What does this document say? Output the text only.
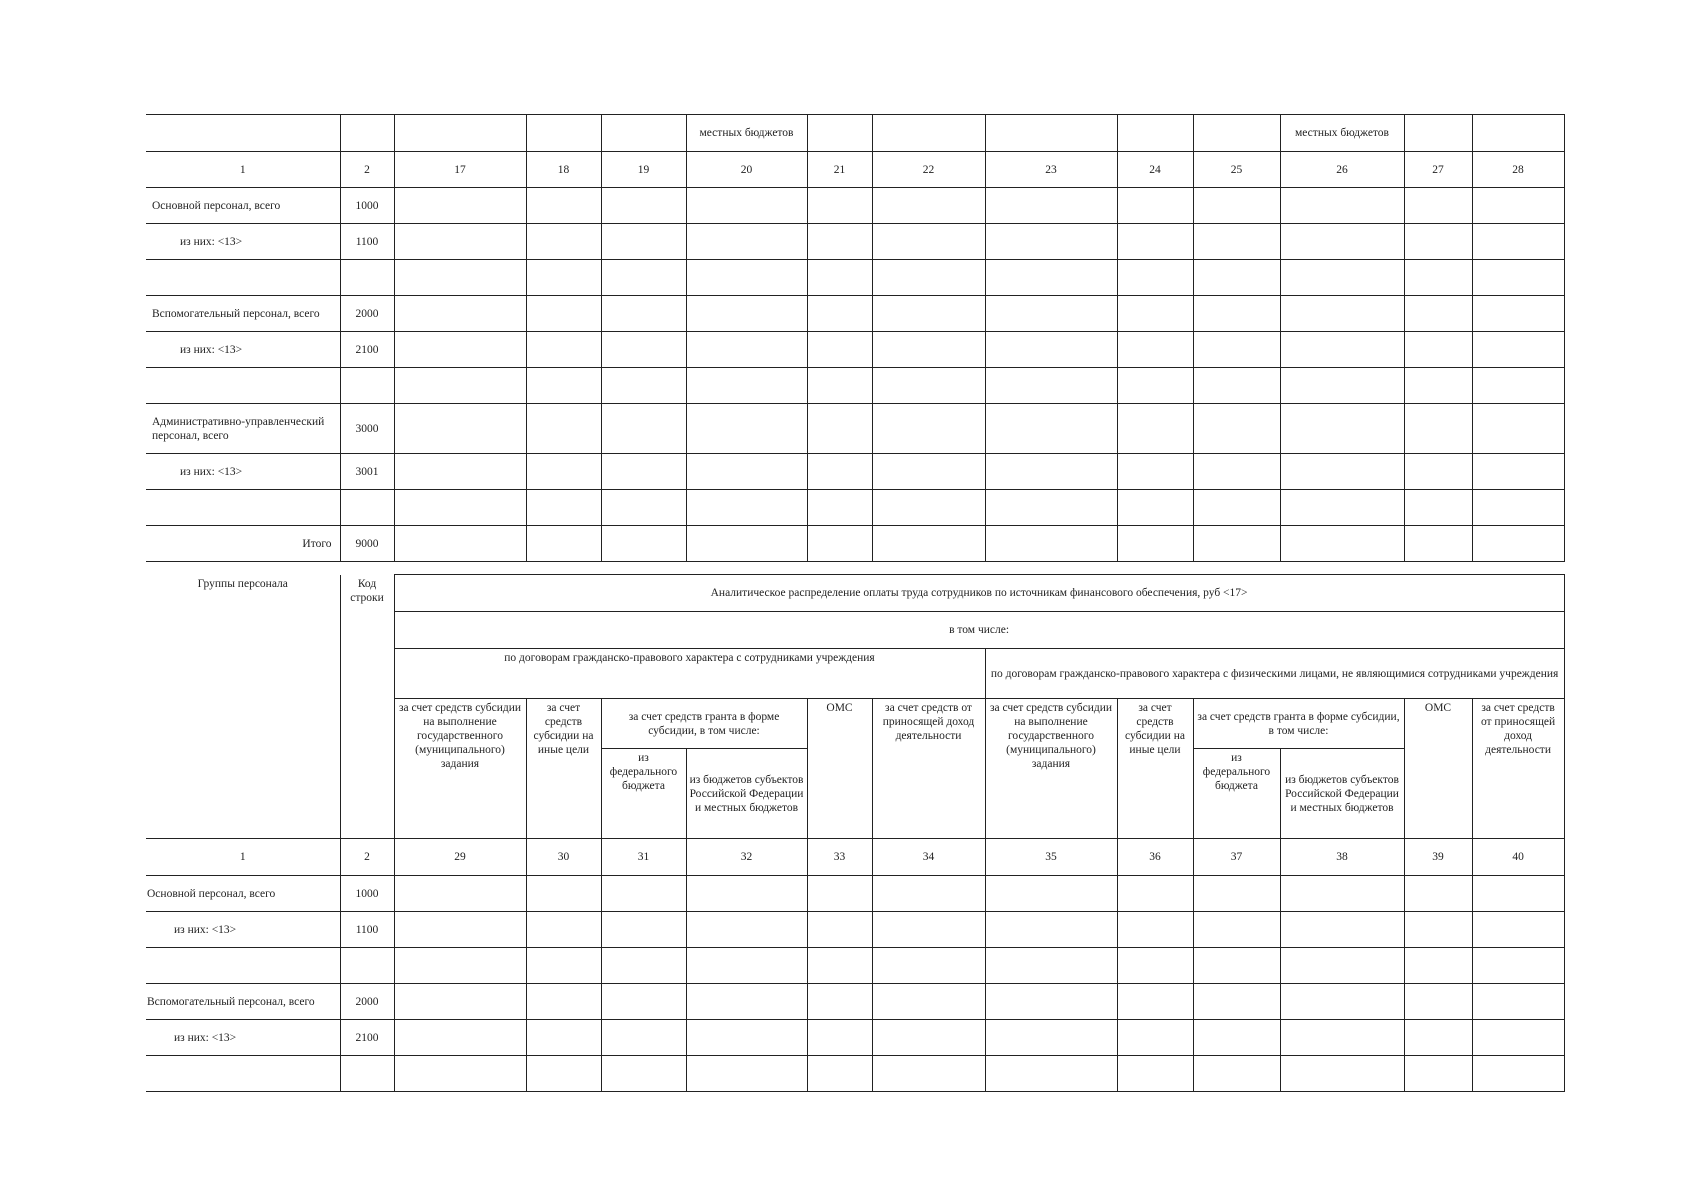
					местных бюджетов						местных бюджетов		
1	2	17	18	19	20	21	22	23	24	25	26	27	28
Основной персонал, всего	1000												
из них: <13>	1100												

Вспомогательный персонал, всего	2000												
из них: <13>	2100												

Административно-управленческий персонал, всего	3000												
из них: <13>	3001												

Итого	9000												
Группы персонала	Код строки	Аналитическое распределение оплаты труда сотрудников по источникам финансового обеспечения, руб <17>											
		в том числе:											
		по договорам гражданско-правового характера с сотрудниками учреждения						по договорам гражданско-правового характера с физическими лицами, не являющимися сотрудниками учреждения					
		за счет средств субсидии на выполнение государственного (муниципального) задания	за счет средств субсидии на иные цели	за счет средств гранта в форме субсидии, в том числе:		ОМС	за счет средств от приносящей доход деятельности	за счет средств субсидии на выполнение государственного (муниципального) задания	за счет средств субсидии на иные цели	за счет средств гранта в форме субсидии, в том числе:		ОМС	за счет средств от приносящей доход деятельности
				из федерального бюджета	из бюджетов субъектов Российской Федерации и местных бюджетов					из федерального бюджета	из бюджетов субъектов Российской Федерации и местных бюджетов		

1	2	29	30	31	32	33	34	35	36	37	38	39	40
Основной персонал, всего	1000												
из них: <13>	1100												

Вспомогательный персонал, всего	2000												
из них: <13>	2100												
